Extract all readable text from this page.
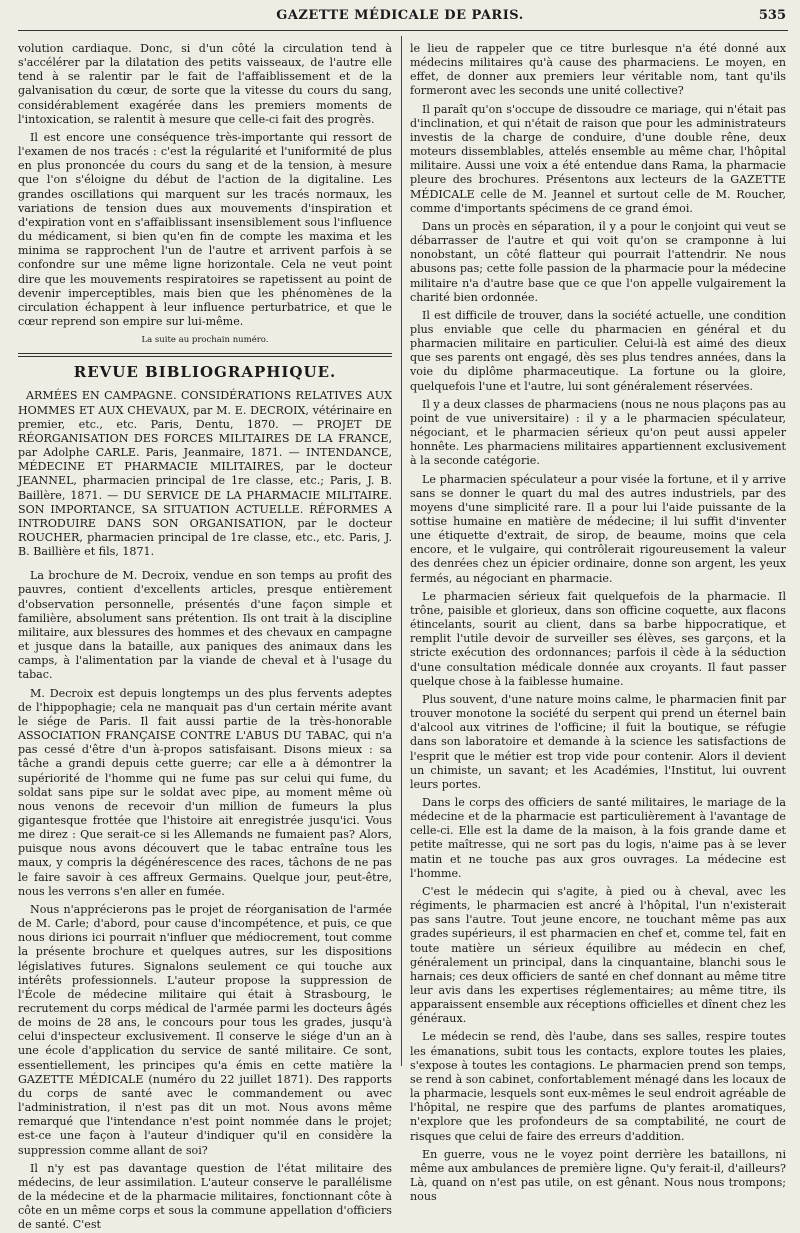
GAZETTE MÉDICALE DE PARIS.	535

volution cardiaque. Donc, si d'un côté la circulation tend à s'accélérer par la dilatation des petits vaisseaux, de l'autre elle tend à se ralentir par le fait de l'affaiblissement et de la galvanisation du cœur, de sorte que la vitesse du cours du sang, considérablement exagérée dans les premiers moments de l'intoxication, se ralentit à mesure que celle-ci fait des progrès.

Il est encore une conséquence très-importante qui ressort de l'examen de nos tracés : c'est la régularité et l'uniformité de plus en plus prononcée du cours du sang et de la tension, à mesure que l'on s'éloigne du début de l'action de la digitaline. Les grandes oscillations qui marquent sur les tracés normaux, les variations de tension dues aux mouvements d'inspiration et d'expiration vont en s'affaiblissant insensiblement sous l'influence du médicament, si bien qu'en fin de compte les maxima et les minima se rapprochent l'un de l'autre et arrivent parfois à se confondre sur une même ligne horizontale. Cela ne veut point dire que les mouvements respiratoires se rapetissent au point de devenir imperceptibles, mais bien que les phénomènes de la circulation échappent à leur influence perturbatrice, et que le cœur reprend son empire sur lui-même.

La suite au prochain numéro.

REVUE BIBLIOGRAPHIQUE.

ARMÉES EN CAMPAGNE. CONSIDÉRATIONS RELATIVES AUX HOMMES ET AUX CHEVAUX, par M. E. DECROIX, vétérinaire en premier, etc., etc. Paris, Dentu, 1870. — PROJET DE RÉORGANISATION DES FORCES MILITAIRES DE LA FRANCE, par Adolphe CARLE. Paris, Jeanmaire, 1871. — INTENDANCE, MÉDECINE ET PHARMACIE MILITAIRES, par le docteur JEANNEL, pharmacien principal de 1re classe, etc.; Paris, J. B. Baillère, 1871. — DU SERVICE DE LA PHARMACIE MILITAIRE. SON IMPORTANCE, SA SITUATION ACTUELLE. RÉFORMES A INTRODUIRE DANS SON ORGANISATION, par le docteur ROUCHER, pharmacien principal de 1re classe, etc., etc. Paris, J. B. Baillière et fils, 1871.

La brochure de M. Decroix, vendue en son temps au profit des pauvres, contient d'excellents articles, presque entièrement d'observation personnelle, présentés d'une façon simple et familière, absolument sans prétention. Ils ont trait à la discipline militaire, aux blessures des hommes et des chevaux en campagne et jusque dans la bataille, aux paniques des animaux dans les camps, à l'alimentation par la viande de cheval et à l'usage du tabac.

M. Decroix est depuis longtemps un des plus fervents adeptes de l'hippophagie; cela ne manquait pas d'un certain mérite avant le siége de Paris. Il fait aussi partie de la très-honorable ASSOCIATION FRANÇAISE CONTRE L'ABUS DU TABAC, qui n'a pas cessé d'être d'un à-propos satisfaisant. Disons mieux : sa tâche a grandi depuis cette guerre; car elle a à démontrer la supériorité de l'homme qui ne fume pas sur celui qui fume, du soldat sans pipe sur le soldat avec pipe, au moment même où nous venons de recevoir d'un million de fumeurs la plus gigantesque frottée que l'histoire ait enregistrée jusqu'ici. Vous me direz : Que serait-ce si les Allemands ne fumaient pas? Alors, puisque nous avons découvert que le tabac entraîne tous les maux, y compris la dégénérescence des races, tâchons de ne pas le faire savoir à ces affreux Germains. Quelque jour, peut-être, nous les verrons s'en aller en fumée.

Nous n'apprécierons pas le projet de réorganisation de l'armée de M. Carle; d'abord, pour cause d'incompétence, et puis, ce que nous dirions ici pourrait n'influer que médiocrement, tout comme la présente brochure et quelques autres, sur les dispositions législatives futures. Signalons seulement ce qui touche aux intérêts professionnels. L'auteur propose la suppression de l'École de médecine militaire qui était à Strasbourg, le recrutement du corps médical de l'armée parmi les docteurs âgés de moins de 28 ans, le concours pour tous les grades, jusqu'à celui d'inspecteur exclusivement. Il conserve le siége d'un an à une école d'application du service de santé militaire. Ce sont, essentiellement, les principes qu'a émis en cette matière la GAZETTE MÉDICALE (numéro du 22 juillet 1871). Des rapports du corps de santé avec le commandement ou avec l'administration, il n'est pas dit un mot. Nous avons même remarqué que l'intendance n'est point nommée dans le projet; est-ce une façon à l'auteur d'indiquer qu'il en considère la suppression comme allant de soi?

Il n'y est pas davantage question de l'état militaire des médecins, de leur assimilation. L'auteur conserve le parallélisme de la médecine et de la pharmacie militaires, fonctionnant côte à côte en un même corps et sous la commune appellation d'officiers de santé. C'est

le lieu de rappeler que ce titre burlesque n'a été donné aux médecins militaires qu'à cause des pharmaciens. Le moyen, en effet, de donner aux premiers leur véritable nom, tant qu'ils formeront avec les seconds une unité collective?

Il paraît qu'on s'occupe de dissoudre ce mariage, qui n'était pas d'inclination, et qui n'était de raison que pour les administrateurs investis de la charge de conduire, d'une double rêne, deux moteurs dissemblables, attelés ensemble au même char, l'hôpital militaire. Aussi une voix a été entendue dans Rama, la pharmacie pleure des brochures. Présentons aux lecteurs de la GAZETTE MÉDICALE celle de M. Jeannel et surtout celle de M. Roucher, comme d'importants spécimens de ce grand émoi.

Dans un procès en séparation, il y a pour le conjoint qui veut se débarrasser de l'autre et qui voit qu'on se cramponne à lui nonobstant, un côté flatteur qui pourrait l'attendrir. Ne nous abusons pas; cette folle passion de la pharmacie pour la médecine militaire n'a d'autre base que ce que l'on appelle vulgairement la charité bien ordonnée.

Il est difficile de trouver, dans la société actuelle, une condition plus enviable que celle du pharmacien en général et du pharmacien militaire en particulier. Celui-là est aimé des dieux que ses parents ont engagé, dès ses plus tendres années, dans la voie du diplôme pharmaceutique. La fortune ou la gloire, quelquefois l'une et l'autre, lui sont généralement réservées.

Il y a deux classes de pharmaciens (nous ne nous plaçons pas au point de vue universitaire) : il y a le pharmacien spéculateur, négociant, et le pharmacien sérieux qu'on peut aussi appeler honnête. Les pharmaciens militaires appartiennent exclusivement à la seconde catégorie.

Le pharmacien spéculateur a pour visée la fortune, et il y arrive sans se donner le quart du mal des autres industriels, par des moyens d'une simplicité rare. Il a pour lui l'aide puissante de la sottise humaine en matière de médecine; il lui suffit d'inventer une étiquette d'extrait, de sirop, de beaume, moins que cela encore, et le vulgaire, qui contrôlerait rigoureusement la valeur des denrées chez un épicier ordinaire, donne son argent, les yeux fermés, au négociant en pharmacie.

Le pharmacien sérieux fait quelquefois de la pharmacie. Il trône, paisible et glorieux, dans son officine coquette, aux flacons étincelants, sourit au client, dans sa barbe hippocratique, et remplit l'utile devoir de surveiller ses élèves, ses garçons, et la stricte exécution des ordonnances; parfois il cède à la séduction d'une consultation médicale donnée aux croyants. Il faut passer quelque chose à la faiblesse humaine.

Plus souvent, d'une nature moins calme, le pharmacien finit par trouver monotone la société du serpent qui prend un éternel bain d'alcool aux vitrines de l'officine; il fuit la boutique, se réfugie dans son laboratoire et demande à la science les satisfactions de l'esprit que le métier est trop vide pour contenir. Alors il devient un chimiste, un savant; et les Académies, l'Institut, lui ouvrent leurs portes.

Dans le corps des officiers de santé militaires, le mariage de la médecine et de la pharmacie est particulièrement à l'avantage de celle-ci. Elle est la dame de la maison, à la fois grande dame et petite maîtresse, qui ne sort pas du logis, n'aime pas à se lever matin et ne touche pas aux gros ouvrages. La médecine est l'homme.

C'est le médecin qui s'agite, à pied ou à cheval, avec les régiments, le pharmacien est ancré à l'hôpital, l'un n'existerait pas sans l'autre. Tout jeune encore, ne touchant même pas aux grades supérieurs, il est pharmacien en chef et, comme tel, fait en toute matière un sérieux équilibre au médecin en chef, généralement un principal, dans la cinquantaine, blanchi sous le harnais; ces deux officiers de santé en chef donnant au même titre leur avis dans les expertises réglementaires; au même titre, ils apparaissent ensemble aux réceptions officielles et dînent chez les généraux.

Le médecin se rend, dès l'aube, dans ses salles, respire toutes les émanations, subit tous les contacts, explore toutes les plaies, s'expose à toutes les contagions. Le pharmacien prend son temps, se rend à son cabinet, confortablement ménagé dans les locaux de la pharmacie, lesquels sont eux-mêmes le seul endroit agréable de l'hôpital, ne respire que des parfums de plantes aromatiques, n'explore que les profondeurs de sa comptabilité, ne court de risques que celui de faire des erreurs d'addition.

En guerre, vous ne le voyez point derrière les bataillons, ni même aux ambulances de première ligne. Qu'y ferait-il, d'ailleurs? Là, quand on n'est pas utile, on est gênant. Nous nous trompons; nous
